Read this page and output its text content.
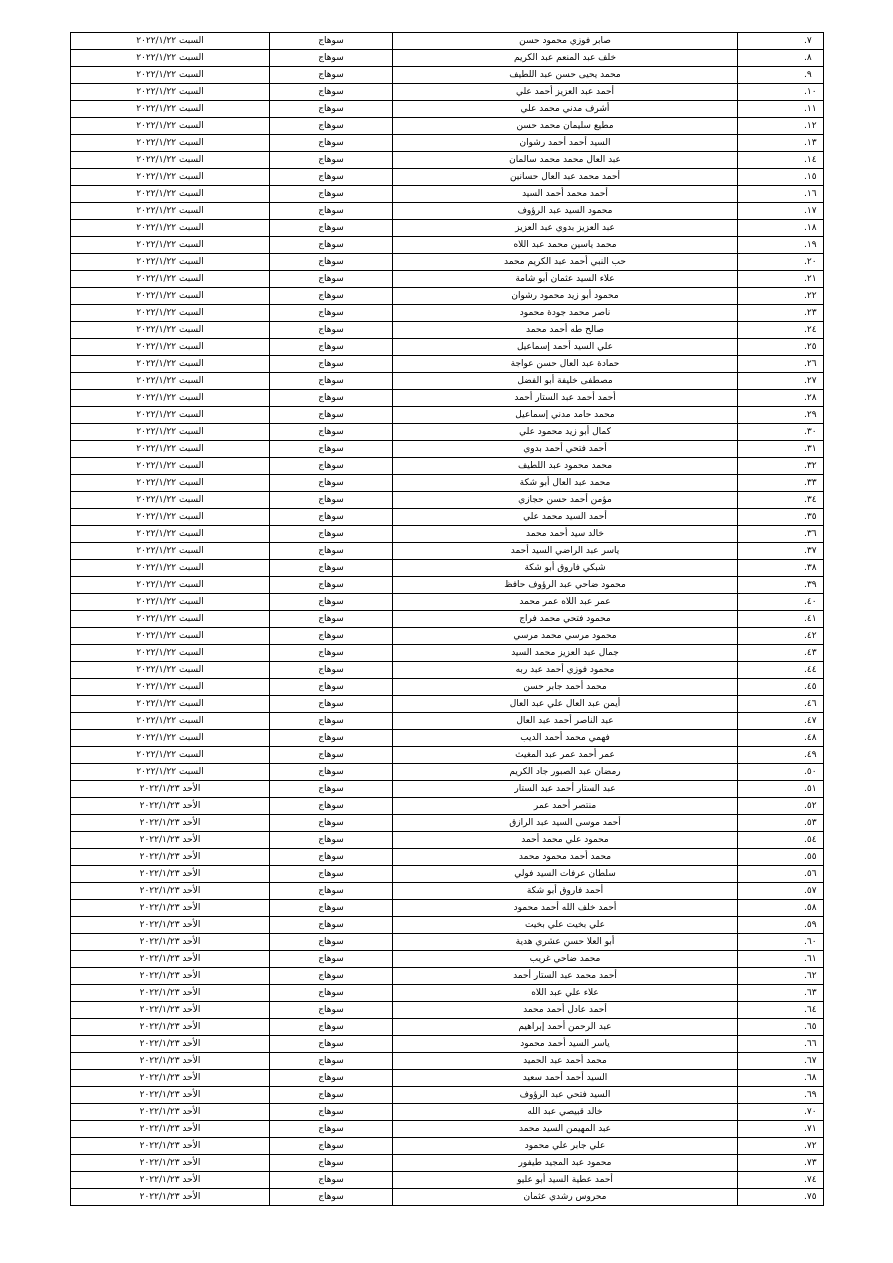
٧.	صابر فوزي محمود حسن	سوهاج	السبت ٢٠٢٢/١/٢٢
٨.	خلف عبد المنعم عبد الكريم	سوهاج	السبت ٢٠٢٢/١/٢٢
٩.	محمد يحيى حسن عبد اللطيف	سوهاج	السبت ٢٠٢٢/١/٢٢
١٠.	أحمد عبد العزيز أحمد علي	سوهاج	السبت ٢٠٢٢/١/٢٢
١١.	أشرف مدني محمد علي	سوهاج	السبت ٢٠٢٢/١/٢٢
١٢.	مطيع سليمان محمد حسن	سوهاج	السبت ٢٠٢٢/١/٢٢
١٣.	السيد أحمد أحمد رشوان	سوهاج	السبت ٢٠٢٢/١/٢٢
١٤.	عبد العال محمد محمد سالمان	سوهاج	السبت ٢٠٢٢/١/٢٢
١٥.	أحمد محمد عبد العال حسانين	سوهاج	السبت ٢٠٢٢/١/٢٢
١٦.	أحمد محمد أحمد السيد	سوهاج	السبت ٢٠٢٢/١/٢٢
١٧.	محمود السيد عبد الرؤوف	سوهاج	السبت ٢٠٢٢/١/٢٢
١٨.	عبد العزيز بدوي عبد العزيز	سوهاج	السبت ٢٠٢٢/١/٢٢
١٩.	محمد ياسين محمد عبد اللاه	سوهاج	السبت ٢٠٢٢/١/٢٢
٢٠.	حب النبي أحمد عبد الكريم محمد	سوهاج	السبت ٢٠٢٢/١/٢٢
٢١.	علاء السيد عثمان أبو شامة	سوهاج	السبت ٢٠٢٢/١/٢٢
٢٢.	محمود أبو زيد محمود رشوان	سوهاج	السبت ٢٠٢٢/١/٢٢
٢٣.	ناصر محمد جودة محمود	سوهاج	السبت ٢٠٢٢/١/٢٢
٢٤.	صالح طه أحمد محمد	سوهاج	السبت ٢٠٢٢/١/٢٢
٢٥.	علي السيد أحمد إسماعيل	سوهاج	السبت ٢٠٢٢/١/٢٢
٢٦.	حمادة عبد العال حسن عواجة	سوهاج	السبت ٢٠٢٢/١/٢٢
٢٧.	مصطفى خليفة أبو الفضل	سوهاج	السبت ٢٠٢٢/١/٢٢
٢٨.	أحمد أحمد عبد الستار أحمد	سوهاج	السبت ٢٠٢٢/١/٢٢
٢٩.	محمد حامد مدني إسماعيل	سوهاج	السبت ٢٠٢٢/١/٢٢
٣٠.	كمال أبو زيد محمود علي	سوهاج	السبت ٢٠٢٢/١/٢٢
٣١.	أحمد فتحي أحمد بدوي	سوهاج	السبت ٢٠٢٢/١/٢٢
٣٢.	محمد محمود عبد اللطيف	سوهاج	السبت ٢٠٢٢/١/٢٢
٣٣.	محمد عبد العال أبو شكة	سوهاج	السبت ٢٠٢٢/١/٢٢
٣٤.	مؤمن أحمد حسن حجازي	سوهاج	السبت ٢٠٢٢/١/٢٢
٣٥.	أحمد السيد محمد علي	سوهاج	السبت ٢٠٢٢/١/٢٢
٣٦.	خالد سيد أحمد محمد	سوهاج	السبت ٢٠٢٢/١/٢٢
٣٧.	ياسر عبد الراضي السيد أحمد	سوهاج	السبت ٢٠٢٢/١/٢٢
٣٨.	شبكي فاروق أبو شكة	سوهاج	السبت ٢٠٢٢/١/٢٢
٣٩.	محمود ضاحي عبد الرؤوف حافظ	سوهاج	السبت ٢٠٢٢/١/٢٢
٤٠.	عمر عبد اللاه عمر محمد	سوهاج	السبت ٢٠٢٢/١/٢٢
٤١.	محمود فتحي محمد فراج	سوهاج	السبت ٢٠٢٢/١/٢٢
٤٢.	محمود مرسي محمد مرسي	سوهاج	السبت ٢٠٢٢/١/٢٢
٤٣.	جمال عبد العزيز محمد السيد	سوهاج	السبت ٢٠٢٢/١/٢٢
٤٤.	محمود فوزي أحمد عبد ربه	سوهاج	السبت ٢٠٢٢/١/٢٢
٤٥.	محمد أحمد جابر حسن	سوهاج	السبت ٢٠٢٢/١/٢٢
٤٦.	أيمن عبد العال علي عبد العال	سوهاج	السبت ٢٠٢٢/١/٢٢
٤٧.	عبد الناصر أحمد عبد العال	سوهاج	السبت ٢٠٢٢/١/٢٢
٤٨.	فهمي محمد أحمد الديب	سوهاج	السبت ٢٠٢٢/١/٢٢
٤٩.	عمر أحمد عمر عبد المغيث	سوهاج	السبت ٢٠٢٢/١/٢٢
٥٠.	رمضان عبد الصبور جاد الكريم	سوهاج	السبت ٢٠٢٢/١/٢٢
٥١.	عبد الستار أحمد عبد الستار	سوهاج	الأحد ٢٠٢٢/١/٢٣
٥٢.	منتصر أحمد عمر	سوهاج	الأحد ٢٠٢٢/١/٢٣
٥٣.	أحمد موسى السيد عبد الرازق	سوهاج	الأحد ٢٠٢٢/١/٢٣
٥٤.	محمود علي محمد أحمد	سوهاج	الأحد ٢٠٢٢/١/٢٣
٥٥.	محمد أحمد محمود محمد	سوهاج	الأحد ٢٠٢٢/١/٢٣
٥٦.	سلطان عرفات السيد فولي	سوهاج	الأحد ٢٠٢٢/١/٢٣
٥٧.	أحمد فاروق أبو شكة	سوهاج	الأحد ٢٠٢٢/١/٢٣
٥٨.	أحمد خلف الله أحمد محمود	سوهاج	الأحد ٢٠٢٢/١/٢٣
٥٩.	علي بخيت علي بخيت	سوهاج	الأحد ٢٠٢٢/١/٢٣
٦٠.	أبو العلا حسن عشري هدية	سوهاج	الأحد ٢٠٢٢/١/٢٣
٦١.	محمد ضاحي غريب	سوهاج	الأحد ٢٠٢٢/١/٢٣
٦٢.	أحمد محمد عبد الستار أحمد	سوهاج	الأحد ٢٠٢٢/١/٢٣
٦٣.	علاء علي عبد اللاه	سوهاج	الأحد ٢٠٢٢/١/٢٣
٦٤.	أحمد عادل أحمد محمد	سوهاج	الأحد ٢٠٢٢/١/٢٣
٦٥.	عبد الرحمن أحمد إبراهيم	سوهاج	الأحد ٢٠٢٢/١/٢٣
٦٦.	ياسر السيد أحمد محمود	سوهاج	الأحد ٢٠٢٢/١/٢٣
٦٧.	محمد أحمد عبد الحميد	سوهاج	الأحد ٢٠٢٢/١/٢٣
٦٨.	السيد أحمد أحمد سعيد	سوهاج	الأحد ٢٠٢٢/١/٢٣
٦٩.	السيد فتحي عبد الرؤوف	سوهاج	الأحد ٢٠٢٢/١/٢٣
٧٠.	خالد قبيصي عبد الله	سوهاج	الأحد ٢٠٢٢/١/٢٣
٧١.	عبد المهيمن السيد محمد	سوهاج	الأحد ٢٠٢٢/١/٢٣
٧٢.	علي جابر علي محمود	سوهاج	الأحد ٢٠٢٢/١/٢٣
٧٣.	محمود عبد المجيد طيفور	سوهاج	الأحد ٢٠٢٢/١/٢٣
٧٤.	أحمد عطية السيد أبو عليو	سوهاج	الأحد ٢٠٢٢/١/٢٣
٧٥.	محروس رشدي عثمان	سوهاج	الأحد ٢٠٢٢/١/٢٣
